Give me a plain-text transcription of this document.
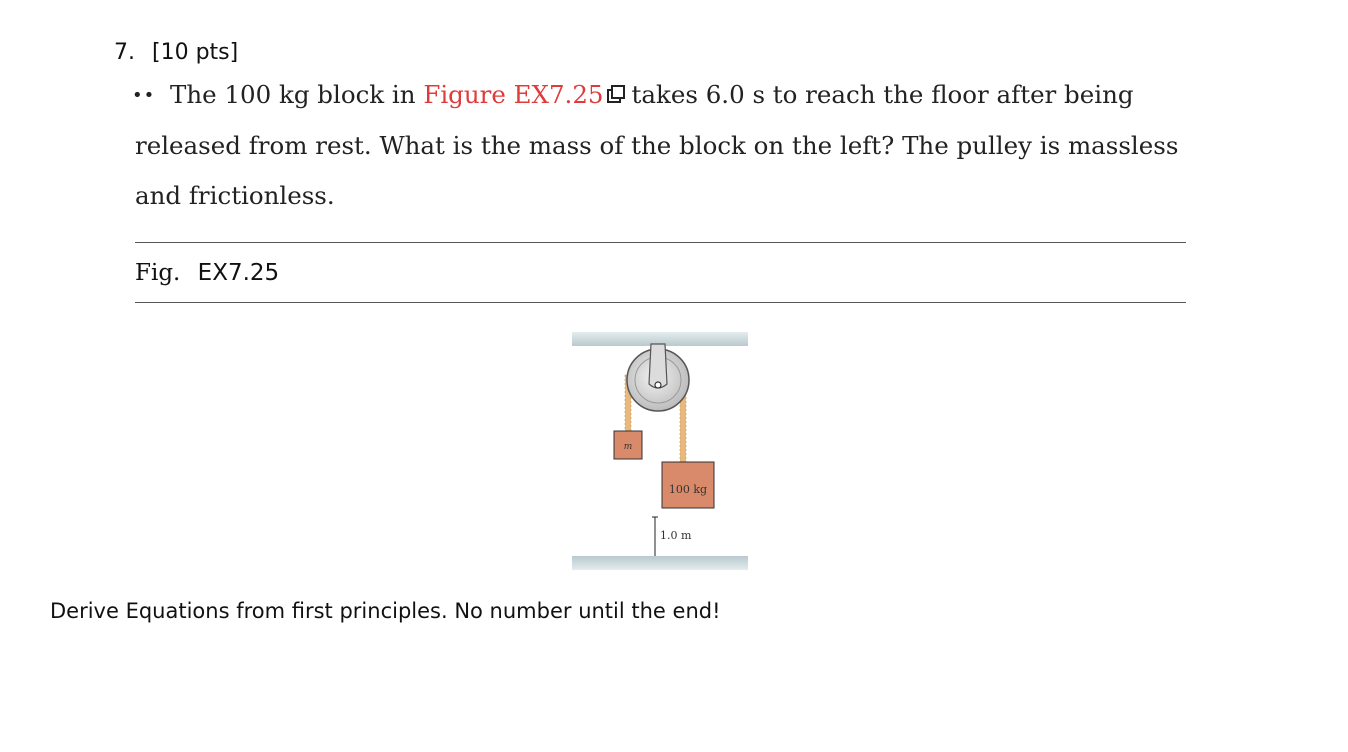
7. [10 pts]
•• The 100 kg block in Figure EX7.25 takes 6.0 s to reach the floor after being released from rest. What is the mass of the block on the left? The pulley is massless and frictionless.
Fig. EX7.25
m
100 kg
1.0 m
Derive Equations from first principles. No number until the end!
